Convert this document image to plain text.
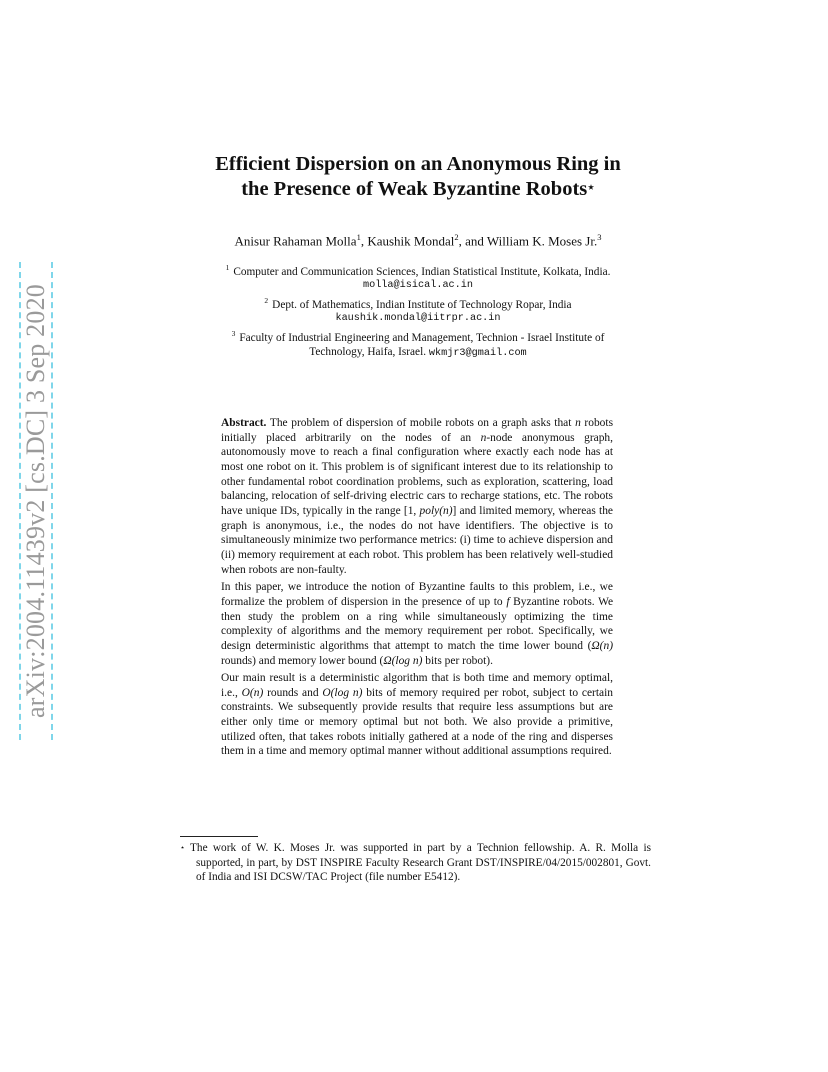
arXiv:2004.11439v2 [cs.DC] 3 Sep 2020
Efficient Dispersion on an Anonymous Ring in
the Presence of Weak Byzantine Robots⋆
Anisur Rahaman Molla$^1$, Kaushik Mondal$^2$, and William K. Moses Jr.$^3$
$^1$ Computer and Communication Sciences, Indian Statistical Institute, Kolkata, India.
molla@isical.ac.in
$^2$ Dept. of Mathematics, Indian Institute of Technology Ropar, India
kaushik.mondal@iitrpr.ac.in
$^3$ Faculty of Industrial Engineering and Management, Technion - Israel Institute of
Technology, Haifa, Israel. wkmjr3@gmail.com

Abstract. The problem of dispersion of mobile robots on a graph asks that n robots initially placed arbitrarily on the nodes of an n-node anonymous graph, autonomously move to reach a final configuration where exactly each node has at most one robot on it. This problem is of significant interest due to its relationship to other fundamental robot coordination problems, such as exploration, scattering, load balancing, relocation of self-driving electric cars to recharge stations, etc. The robots have unique IDs, typically in the range [1, poly(n)] and limited memory, whereas the graph is anonymous, i.e., the nodes do not have identifiers. The objective is to simultaneously minimize two performance metrics: (i) time to achieve dispersion and (ii) memory requirement at each robot. This problem has been relatively well-studied when robots are non-faulty.

In this paper, we introduce the notion of Byzantine faults to this problem, i.e., we formalize the problem of dispersion in the presence of up to f Byzantine robots. We then study the problem on a ring while simultaneously optimizing the time complexity of algorithms and the memory requirement per robot. Specifically, we design deterministic algorithms that attempt to match the time lower bound (Ω(n) rounds) and memory lower bound (Ω(log n) bits per robot).

Our main result is a deterministic algorithm that is both time and memory optimal, i.e., O(n) rounds and O(log n) bits of memory required per robot, subject to certain constraints. We subsequently provide results that require less assumptions but are either only time or memory optimal but not both. We also provide a primitive, utilized often, that takes robots initially gathered at a node of the ring and disperses them in a time and memory optimal manner without additional assumptions required.

⋆ The work of W. K. Moses Jr. was supported in part by a Technion fellowship. A. R. Molla is supported, in part, by DST INSPIRE Faculty Research Grant DST/INSPIRE/04/2015/002801, Govt. of India and ISI DCSW/TAC Project (file number E5412).
